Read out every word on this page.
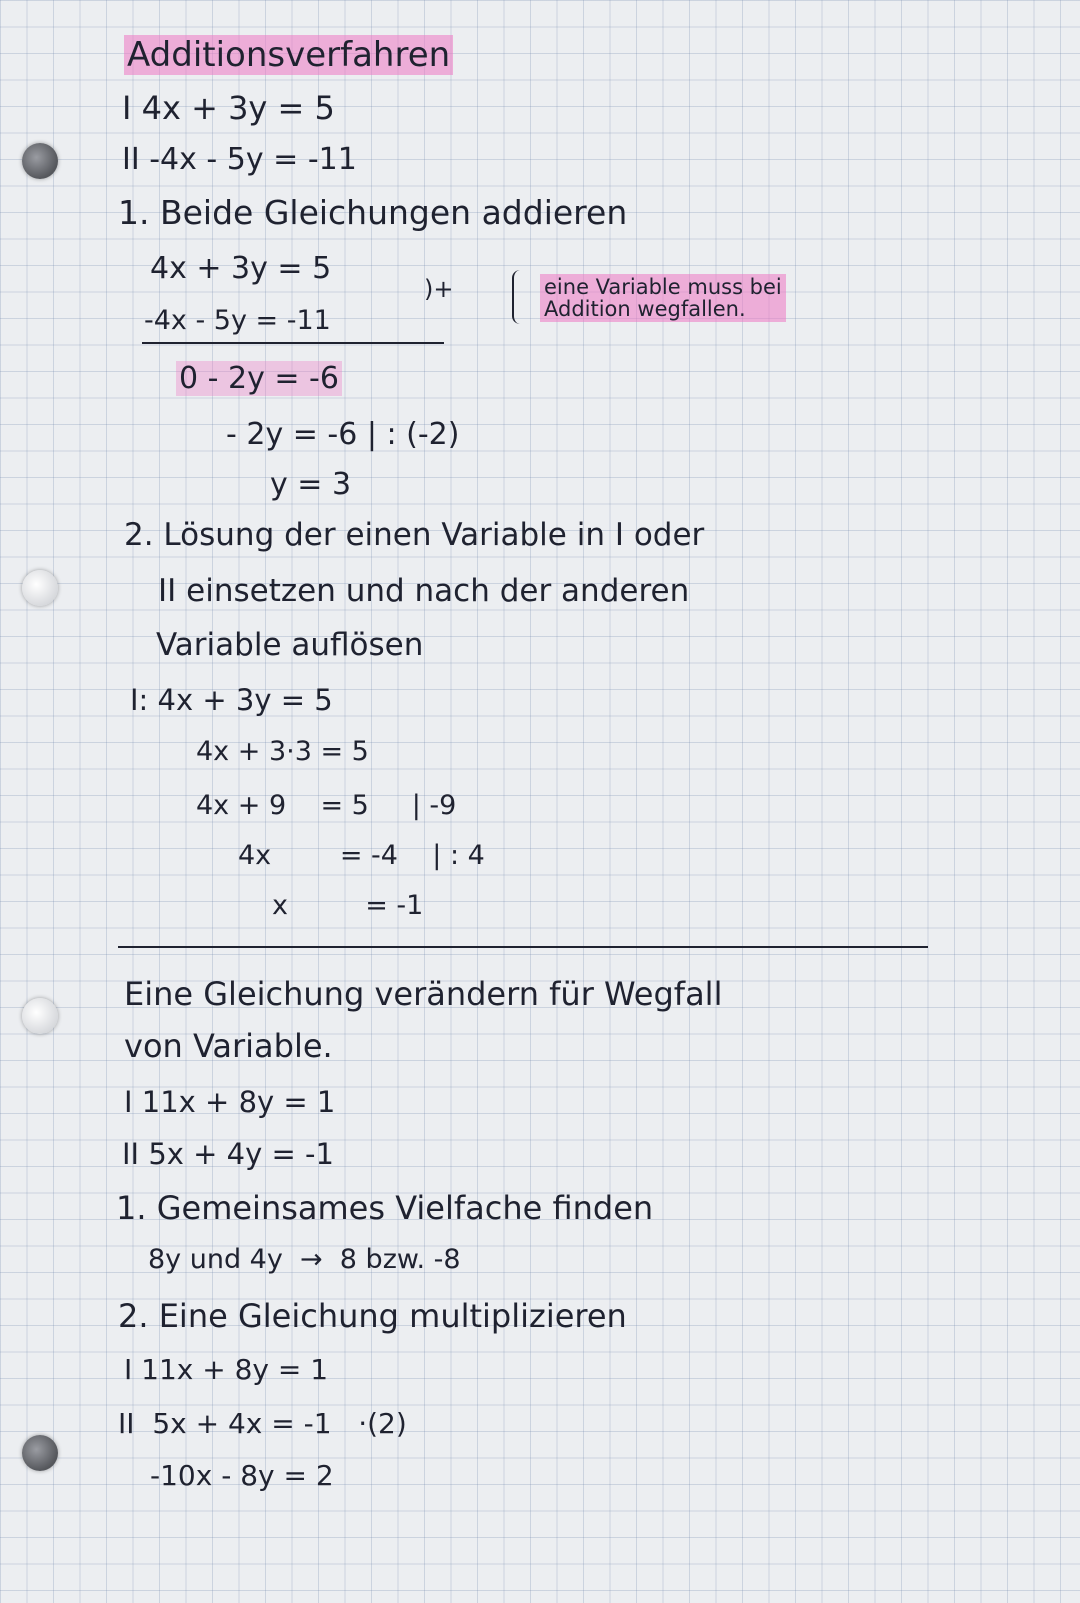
Additionsverfahren
I 4x + 3y = 5
II -4x - 5y = -11
1. Beide Gleichungen addieren
4x + 3y = 5
)+
-4x - 5y = -11
0 - 2y = -6
- 2y = -6 | : (-2)
y = 3
eine Variable muss bei
Addition wegfallen.
2. Lösung der einen Variable in I oder
II einsetzen und nach der anderen
Variable auflösen
I: 4x + 3y = 5
4x + 3·3 = 5
4x + 9    = 5     | -9
4x        = -4    | : 4
x         = -1
Eine Gleichung verändern für Wegfall
von Variable.
I 11x + 8y = 1
II 5x + 4y = -1
1. Gemeinsames Vielfache finden
8y und 4y  →  8 bzw. -8
2. Eine Gleichung multiplizieren
I 11x + 8y = 1
II  5x + 4x = -1   ·(2)
-10x - 8y = 2
